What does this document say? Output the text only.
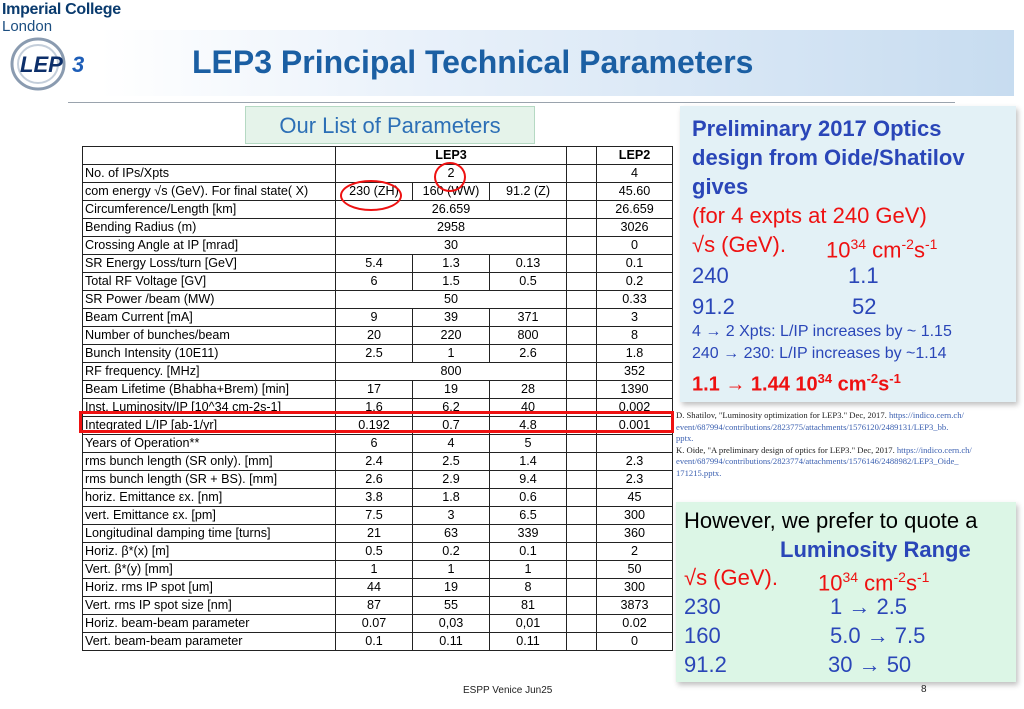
Imperial College
London
LEP 3	LEP3 Principal Technical Parameters
Our List of Parameters
	LEP3				LEP2
No. of IPs/Xpts	2				4
com energy √s (GeV). For final state( X)	230 (ZH)	160 (WW)	91.2 (Z)		45.60
Circumference/Length [km]	26.659				26.659
Bending Radius (m)	2958				3026
Crossing Angle at IP [mrad]	30				0
SR Energy Loss/turn [GeV]	5.4	1.3	0.13		0.1
Total RF Voltage [GV]	6	1.5	0.5		0.2
SR Power /beam (MW)	50				0.33
Beam Current [mA]	9	39	371		3
Number of bunches/beam	20	220	800		8
Bunch Intensity (10E11)	2.5	1	2.6		1.8
RF frequency. [MHz]	800				352
Beam Lifetime (Bhabha+Brem) [min]	17	19	28		1390
Inst. Luminosity/IP [10^34 cm-2s-1]	1.6	6.2	40		0.002
Integrated L/IP [ab-1/yr]	0.192	0.7	4.8		0.001
Years of Operation**	6	4	5		
rms bunch length (SR only). [mm]	2.4	2.5	1.4		2.3
rms bunch length (SR + BS). [mm]	2.6	2.9	9.4		2.3
horiz. Emittance εx. [nm]	3.8	1.8	0.6		45
vert. Emittance εx. [pm]	7.5	3	6.5		300
Longitudinal damping time [turns]	21	63	339		360
Horiz. β*(x) [m]	0.5	0.2	0.1		2
Vert. β*(y) [mm]	1	1	1		50
Horiz. rms IP spot [um]	44	19	8		300
Vert. rms IP spot size [nm]	87	55	81		3873
Horiz. beam-beam parameter	0.07	0,03	0,01		0.02
Vert. beam-beam parameter	0.1	0.11	0.11		0
Preliminary 2017 Optics
design from Oide/Shatilov
gives
(for 4 expts at 240 GeV)
√s (GeV). $10^{34}$ $cm^{-2}s^{-1}$
240	1.1
91.2	52
4 → 2 Xpts: L/IP increases by ~ 1.15
240 → 230: L/IP increases by ~1.14
1.1 → 1.44 $10^{34}$ $cm^{-2}s^{-1}$
D. Shatilov, "Luminosity optimization for LEP3." Dec, 2017. https://indico.cern.ch/
event/687994/contributions/2823775/attachments/1576120/2489131/LEP3_bb.
pptx.
K. Oide, "A preliminary design of optics for LEP3." Dec, 2017. https://indico.cern.ch/
event/687994/contributions/2823774/attachments/1576146/2488982/LEP3_Oide_
171215.pptx.
However, we prefer to quote a
Luminosity Range
√s (GeV). $10^{34}$ $cm^{-2}s^{-1}$
230	1 → 2.5
160	5.0 → 7.5
91.2	30 → 50
ESPP Venice Jun25	8
